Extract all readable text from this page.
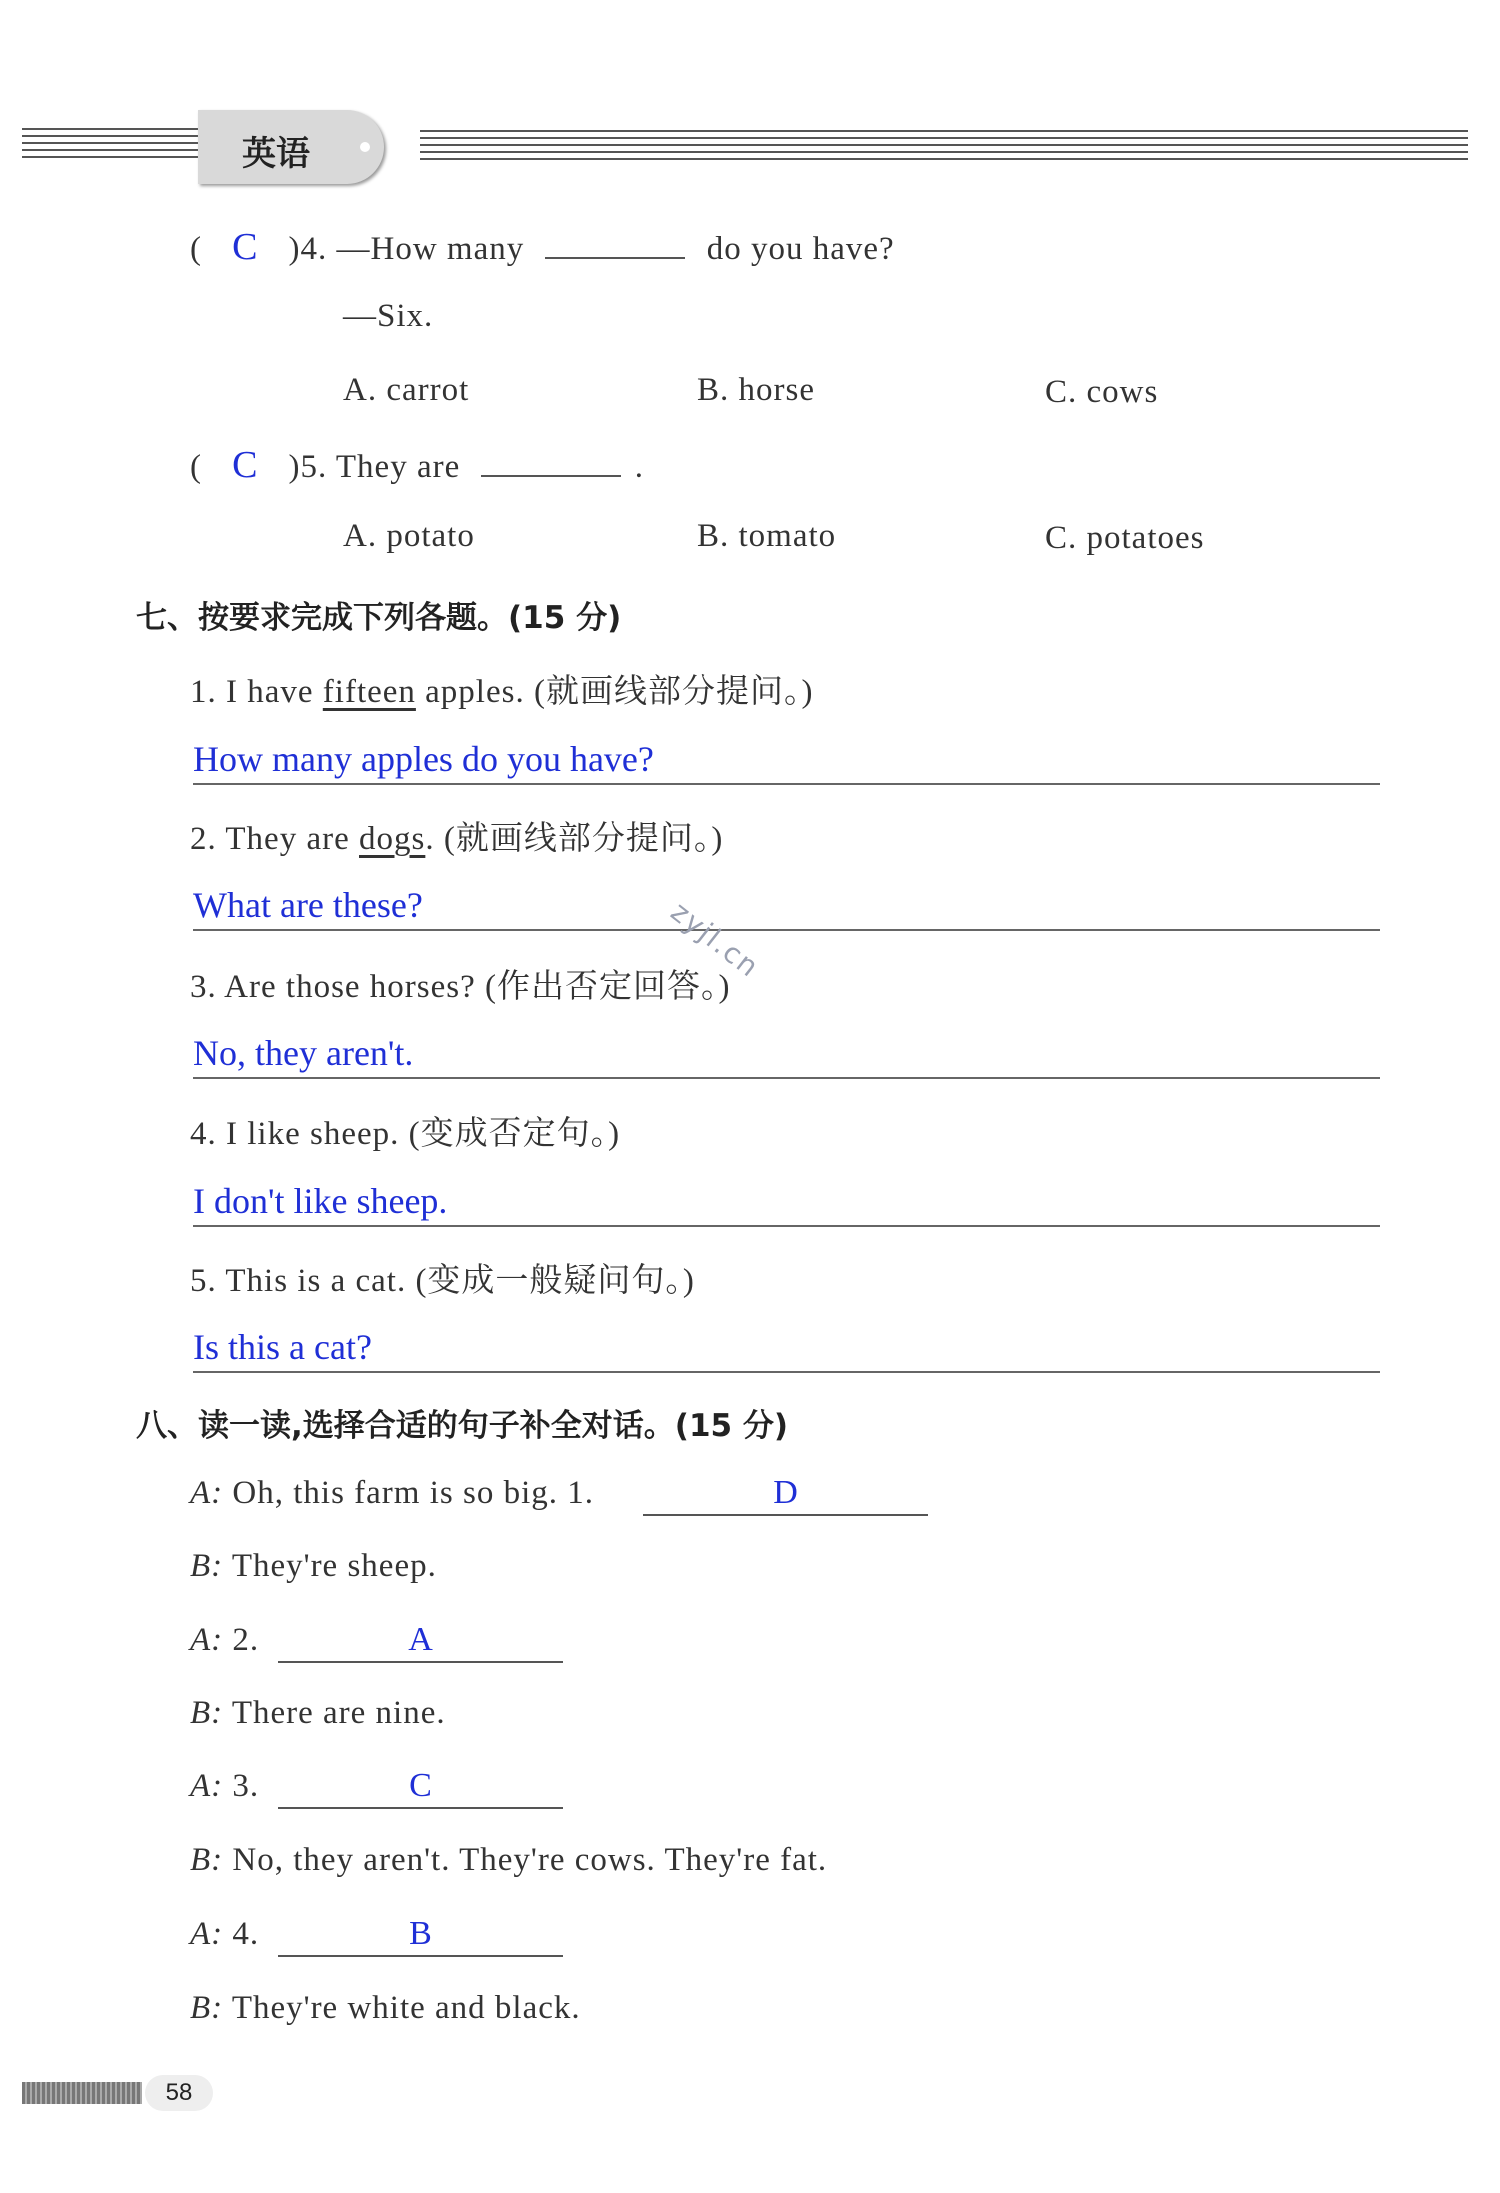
英语
( C )4. —How many	do you have?
—Six.
A. carrot	B. horse	C. cows
( C )5. They are	.
A. potato	B. tomato	C. potatoes
七、按要求完成下列各题。(15 分)
1. I have fifteen apples. (就画线部分提问。)
How many apples do you have?
2. They are dogs. (就画线部分提问。)
What are these?	zyjl.cn
3. Are those horses? (作出否定回答。)
No, they aren't.
4. I like sheep. (变成否定句。)
I don't like sheep.
5. This is a cat. (变成一般疑问句。)
Is this a cat?
八、读一读,选择合适的句子补全对话。(15 分)
A: Oh, this farm is so big. 1.	D
B: They're sheep.
A: 2.	A
B: There are nine.
A: 3.	C
B: No, they aren't. They're cows. They're fat.
A: 4.	B
B: They're white and black.
58
